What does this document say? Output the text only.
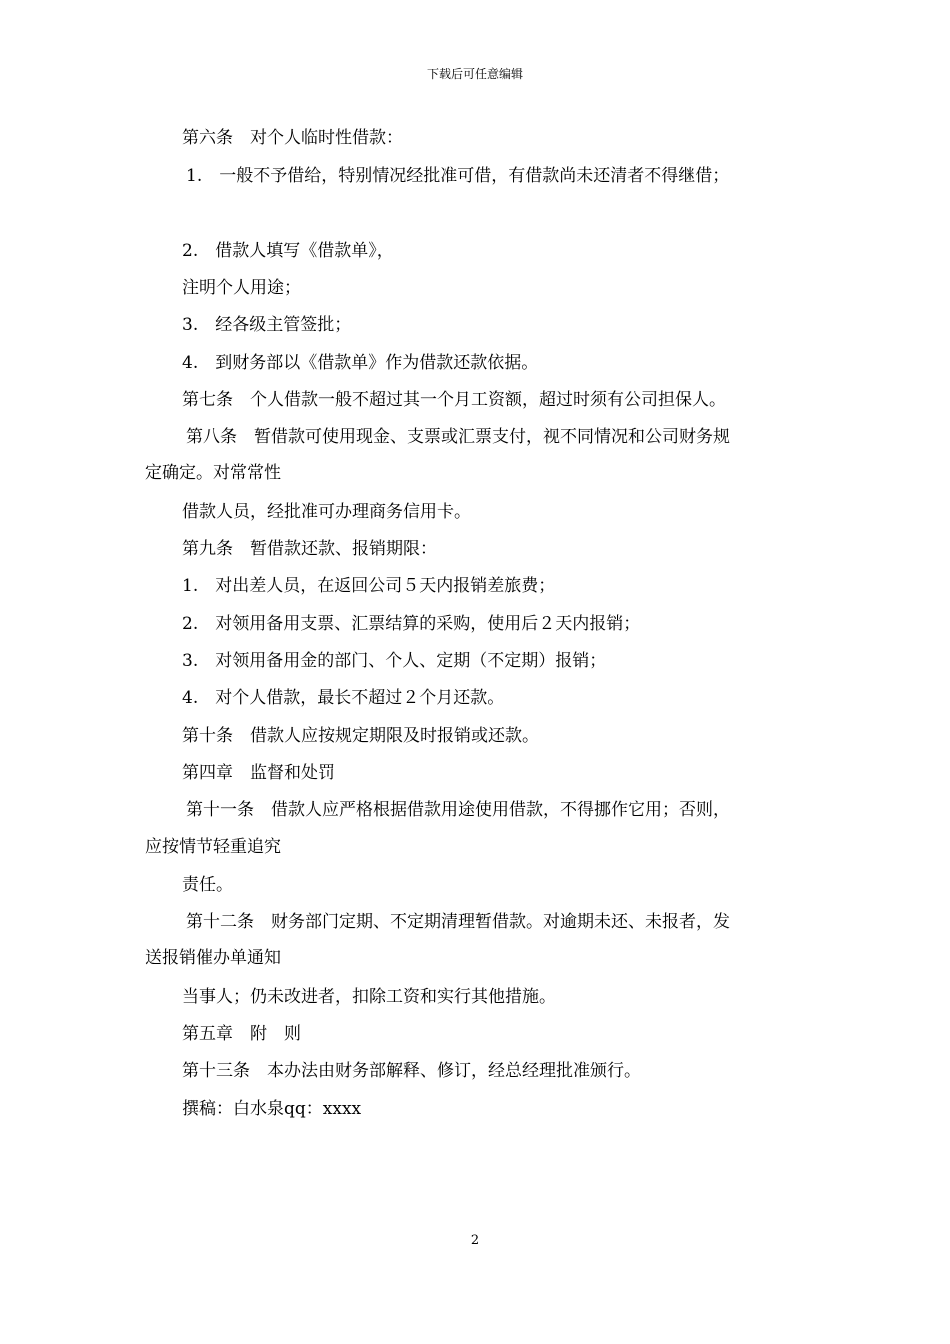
下载后可任意编辑
第六条　对个人临时性借款：
1.　一般不予借给，特别情况经批准可借，有借款尚未还清者不得继借；
2.　借款人填写《借款单》，
注明个人用途；
3.　经各级主管签批；
4.　到财务部以《借款单》作为借款还款依据。
第七条　个人借款一般不超过其一个月工资额，超过时须有公司担保人。
第八条　暂借款可使用现金、支票或汇票支付，视不同情况和公司财务规
定确定。对常常性
借款人员，经批准可办理商务信用卡。
第九条　暂借款还款、报销期限：
1.　对出差人员，在返回公司５天内报销差旅费；
2.　对领用备用支票、汇票结算的采购，使用后２天内报销；
3.　对领用备用金的部门、个人、定期（不定期）报销；
4.　对个人借款，最长不超过２个月还款。
第十条　借款人应按规定期限及时报销或还款。
第四章　监督和处罚
第十一条　借款人应严格根据借款用途使用借款，不得挪作它用；否则，
应按情节轻重追究
责任。
第十二条　财务部门定期、不定期清理暂借款。对逾期未还、未报者，发
送报销催办单通知
当事人；仍未改进者，扣除工资和实行其他措施。
第五章　附　则
第十三条　本办法由财务部解释、修订，经总经理批准颁行。
撰稿：白水泉qq：xxxx
2
